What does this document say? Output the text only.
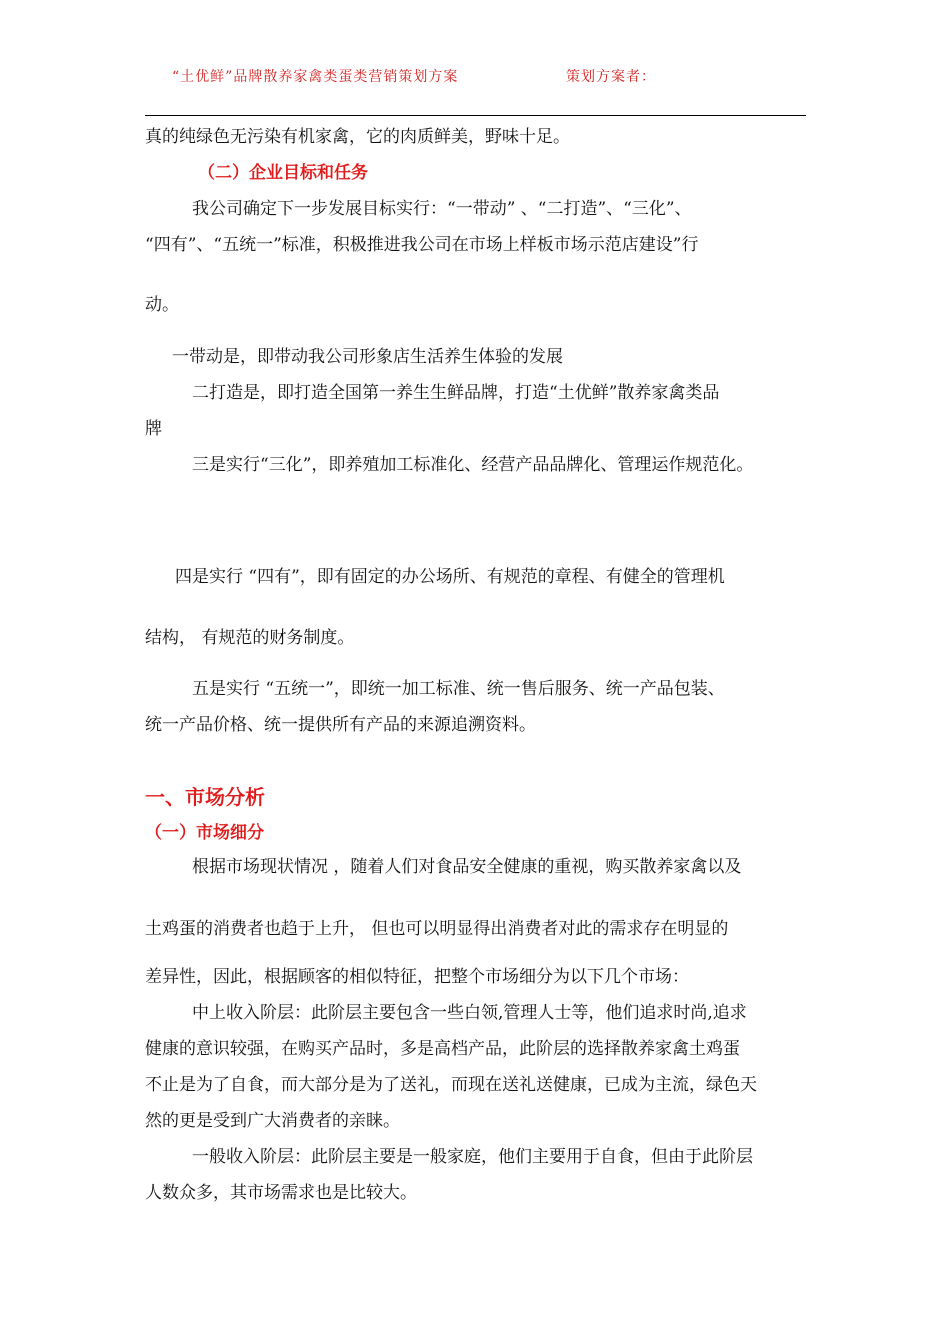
“土优鲜”品牌散养家禽类蛋类营销策划方案	策划方案者：
真的纯绿色无污染有机家禽，它的肉质鲜美，野味十足。
（二）企业目标和任务
我公司确定下一步发展目标实行：“一带动” 、“二打造”、“三化”、
“四有”、“五统一”标准，积极推进我公司在市场上样板市场示范店建设”行
动。
一带动是，即带动我公司形象店生活养生体验的发展
二打造是，即打造全国第一养生生鲜品牌，打造“土优鲜”散养家禽类品
牌
三是实行“三化”，即养殖加工标准化、经营产品品牌化、管理运作规范化。
四是实行 “四有”，即有固定的办公场所、有规范的章程、有健全的管理机
结构， 有规范的财务制度。
五是实行 “五统一”，即统一加工标准、统一售后服务、统一产品包装、
统一产品价格、统一提供所有产品的来源追溯资料。
一、市场分析
（一）市场细分
根据市场现状情况 ，随着人们对食品安全健康的重视，购买散养家禽以及
土鸡蛋的消费者也趋于上升， 但也可以明显得出消费者对此的需求存在明显的
差异性，因此，根据顾客的相似特征，把整个市场细分为以下几个市场：
中上收入阶层：此阶层主要包含一些白领,管理人士等，他们追求时尚,追求
健康的意识较强，在购买产品时，多是高档产品，此阶层的选择散养家禽土鸡蛋
不止是为了自食，而大部分是为了送礼，而现在送礼送健康，已成为主流，绿色天
然的更是受到广大消费者的亲睐。
一般收入阶层：此阶层主要是一般家庭，他们主要用于自食，但由于此阶层
人数众多，其市场需求也是比较大。
